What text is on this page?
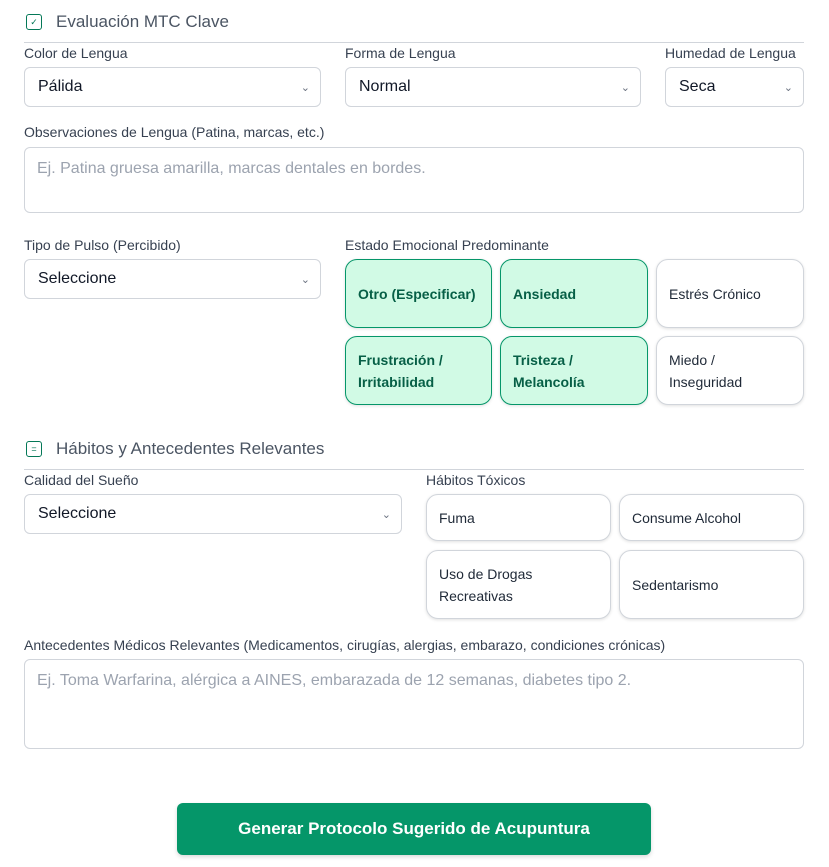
✓ Evaluación MTC Clave
Color de Lengua
Pálida	⌄
Forma de Lengua
Normal	⌄
Humedad de Lengua
Seca	⌄
Observaciones de Lengua (Patina, marcas, etc.)
Ej. Patina gruesa amarilla, marcas dentales en bordes.
Tipo de Pulso (Percibido)
Seleccione	⌄
Estado Emocional Predominante
Otro (Especificar)	Ansiedad	Estrés Crónico
Frustración / Irritabilidad
Tristeza / Melancolía
Miedo / Inseguridad
=	Hábitos y Antecedentes Relevantes
Calidad del Sueño
Seleccione	⌄
Hábitos Tóxicos
Fuma	Consume Alcohol
Uso de Drogas Recreativas
Sedentarismo
Antecedentes Médicos Relevantes (Medicamentos, cirugías, alergias, embarazo, condiciones crónicas)
Ej. Toma Warfarina, alérgica a AINES, embarazada de 12 semanas, diabetes tipo 2.
Generar Protocolo Sugerido de Acupuntura
